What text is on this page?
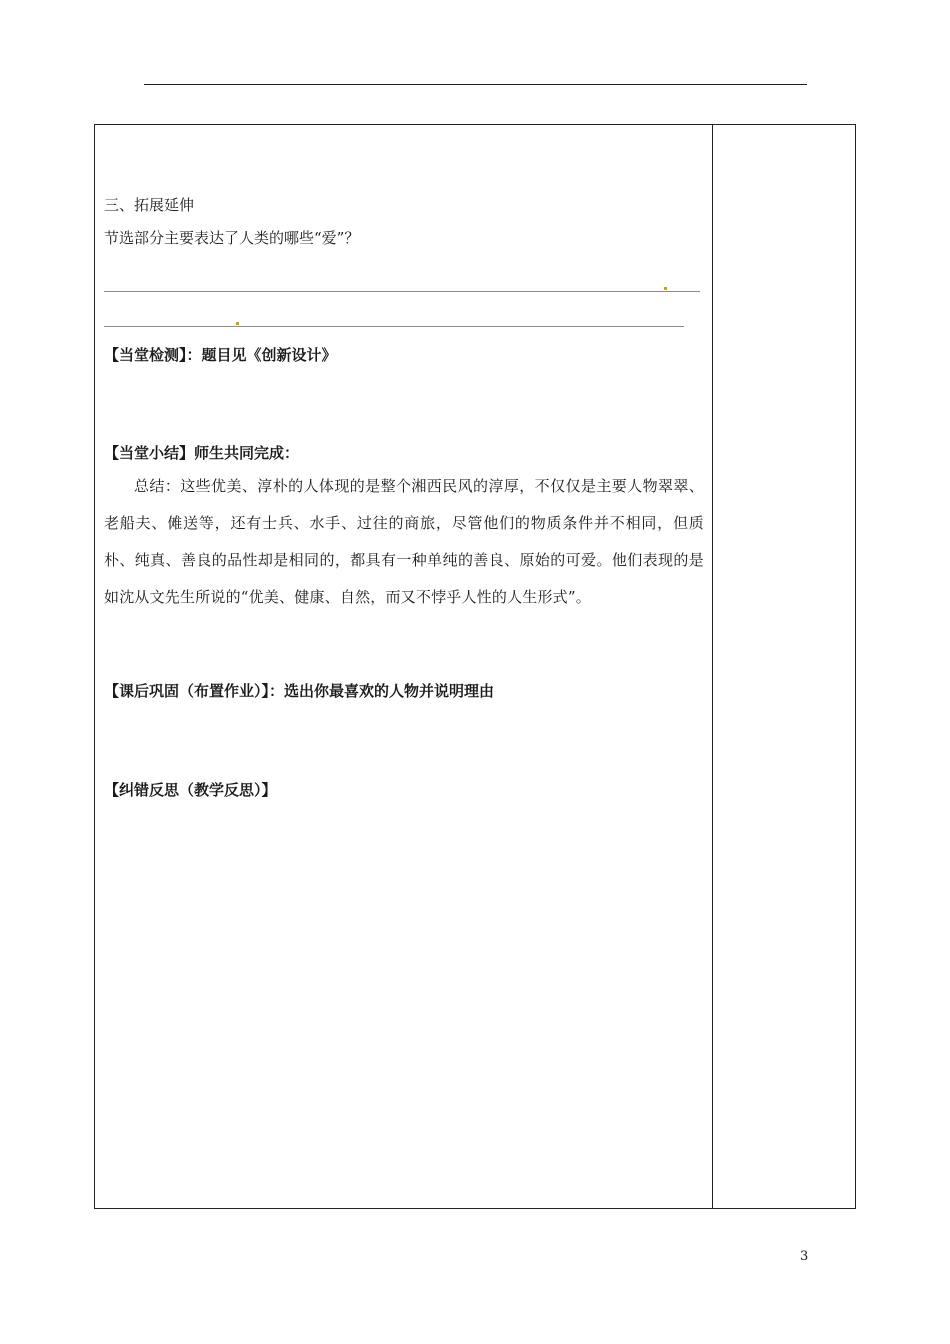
三、拓展延伸
节选部分主要表达了人类的哪些“爱”？
【当堂检测】：题目见《创新设计》
【当堂小结】师生共同完成：
总结：这些优美、淳朴的人体现的是整个湘西民风的淳厚，不仅仅是主要人物翠翠、老船夫、傩送等，还有士兵、水手、过往的商旅，尽管他们的物质条件并不相同，但质朴、纯真、善良的品性却是相同的，都具有一种单纯的善良、原始的可爱。他们表现的是如沈从文先生所说的“优美、健康、自然，而又不悖乎人性的人生形式”。
【课后巩固（布置作业）】：选出你最喜欢的人物并说明理由
【纠错反思（教学反思）】
3
